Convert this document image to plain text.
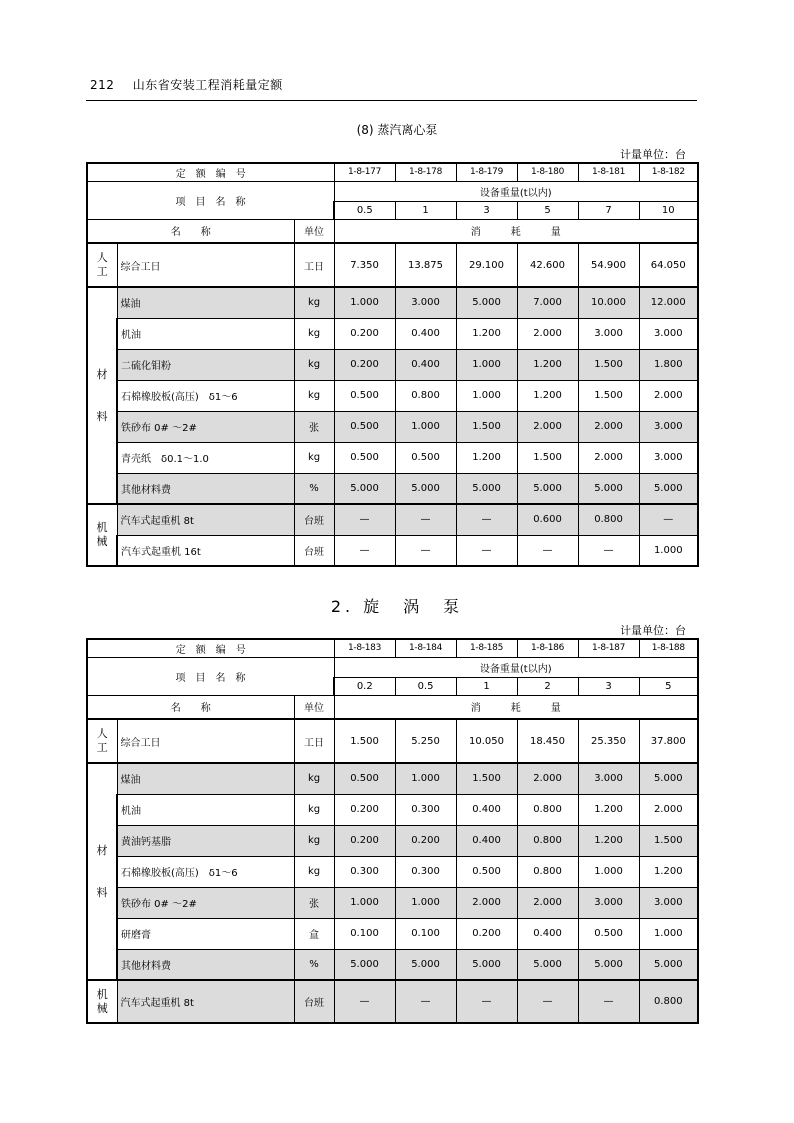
212 山东省安装工程消耗量定额
(8) 蒸汽离心泵
计量单位：台
定　额　编　号			1-8-177	1-8-178	1-8-179	1-8-180	1-8-181	1-8-182
项　目　名　称			设备重量(t以内)					
			0.5	1	3	5	7	10
名　　称		单位	消　　　耗　　　量					
人
工	综合工日	工日	7.350	13.875	29.100	42.600	54.900	64.050
材

料	煤油	kg	1.000	3.000	5.000	7.000	10.000	12.000
	机油	kg	0.200	0.400	1.200	2.000	3.000	3.000
	二硫化钼粉	kg	0.200	0.400	1.000	1.200	1.500	1.800
	石棉橡胶板(高压)　δ1～6	kg	0.500	0.800	1.000	1.200	1.500	2.000
	铁砂布 0# ～2#	张	0.500	1.000	1.500	2.000	2.000	3.000
	青壳纸　δ0.1～1.0	kg	0.500	0.500	1.200	1.500	2.000	3.000
	其他材料费	%	5.000	5.000	5.000	5.000	5.000	5.000
机
械	汽车式起重机 8t	台班	—	—	—	0.600	0.800	—
	汽车式起重机 16t	台班	—	—	—	—	—	1.000
2. 旋　涡　泵
计量单位：台
定　额　编　号			1-8-183	1-8-184	1-8-185	1-8-186	1-8-187	1-8-188
项　目　名　称			设备重量(t以内)					
			0.2	0.5	1	2	3	5
名　　称		单位	消　　　耗　　　量					
人
工	综合工日	工日	1.500	5.250	10.050	18.450	25.350	37.800
材

料	煤油	kg	0.500	1.000	1.500	2.000	3.000	5.000
	机油	kg	0.200	0.300	0.400	0.800	1.200	2.000
	黄油钙基脂	kg	0.200	0.200	0.400	0.800	1.200	1.500
	石棉橡胶板(高压)　δ1～6	kg	0.300	0.300	0.500	0.800	1.000	1.200
	铁砂布 0# ～2#	张	1.000	1.000	2.000	2.000	3.000	3.000
	研磨膏	盒	0.100	0.100	0.200	0.400	0.500	1.000
	其他材料费	%	5.000	5.000	5.000	5.000	5.000	5.000
机
械	汽车式起重机 8t	台班	—	—	—	—	—	0.800
